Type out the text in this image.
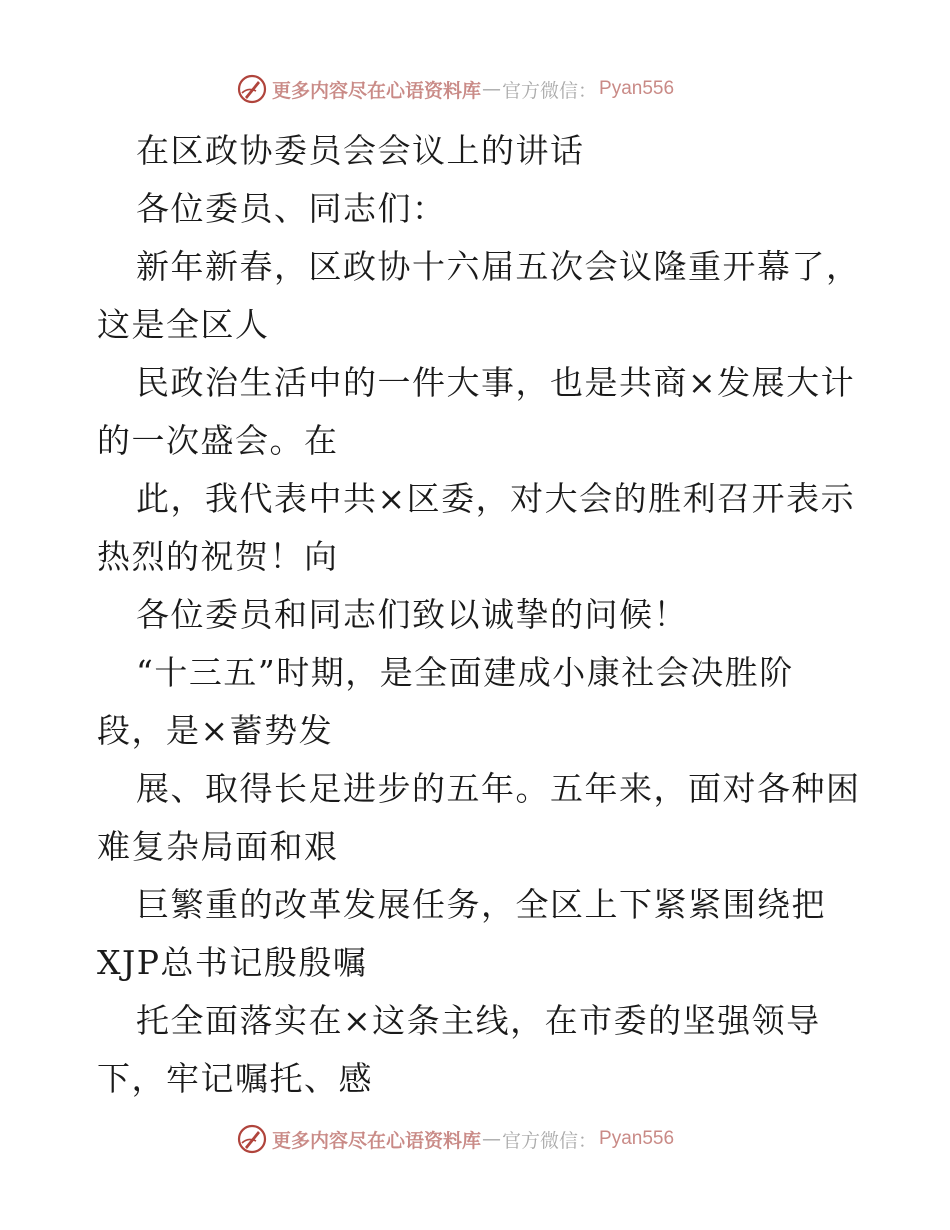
更多内容尽在心语资料库 — 官方微信： Pyan556
在区政协委员会会议上的讲话
各位委员、同志们：
新年新春，区政协十六届五次会议隆重开幕了，
这是全区人
民政治生活中的一件大事，也是共商×发展大计
的一次盛会。在
此，我代表中共×区委，对大会的胜利召开表示
热烈的祝贺！向
各位委员和同志们致以诚挚的问候！
“十三五”时期，是全面建成小康社会决胜阶
段，是×蓄势发
展、取得长足进步的五年。五年来，面对各种困
难复杂局面和艰
巨繁重的改革发展任务，全区上下紧紧围绕把
XJP总书记殷殷嘱
托全面落实在×这条主线，在市委的坚强领导
下，牢记嘱托、感
更多内容尽在心语资料库 — 官方微信： Pyan556
